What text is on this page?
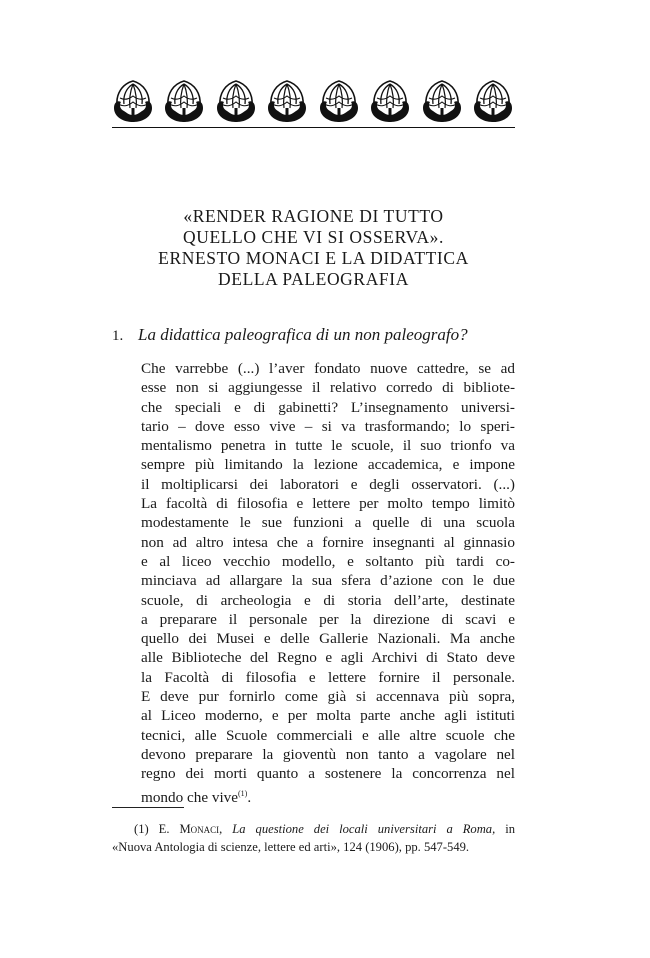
«RENDER RAGIONE DI TUTTO
QUELLO CHE VI SI OSSERVA».
ERNESTO MONACI E LA DIDATTICA
DELLA PALEOGRAFIA
1. La didattica paleografica di un non paleografo?
Che varrebbe (...) l’aver fondato nuove cattedre, se ad
esse non si aggiungesse il relativo corredo di bibliote-
che speciali e di gabinetti? L’insegnamento universi-
tario – dove esso vive – si va trasformando; lo speri-
mentalismo penetra in tutte le scuole, il suo trionfo va
sempre più limitando la lezione accademica, e impone
il moltiplicarsi dei laboratori e degli osservatori. (...)
La facoltà di filosofia e lettere per molto tempo limitò
modestamente le sue funzioni a quelle di una scuola
non ad altro intesa che a fornire insegnanti al ginnasio
e al liceo vecchio modello, e soltanto più tardi co-
minciava ad allargare la sua sfera d’azione con le due
scuole, di archeologia e di storia dell’arte, destinate
a preparare il personale per la direzione di scavi e
quello dei Musei e delle Gallerie Nazionali. Ma anche
alle Biblioteche del Regno e agli Archivi di Stato deve
la Facoltà di filosofia e lettere fornire il personale.
E deve pur fornirlo come già si accennava più sopra,
al Liceo moderno, e per molta parte anche agli istituti
tecnici, alle Scuole commerciali e alle altre scuole che
devono preparare la gioventù non tanto a vagolare nel
regno dei morti quanto a sostenere la concorrenza nel
mondo che vive$^{(1)}$.
(1) E. Monaci, La questione dei locali universitari a Roma, in
«Nuova Antologia di scienze, lettere ed arti», 124 (1906), pp. 547-549.
